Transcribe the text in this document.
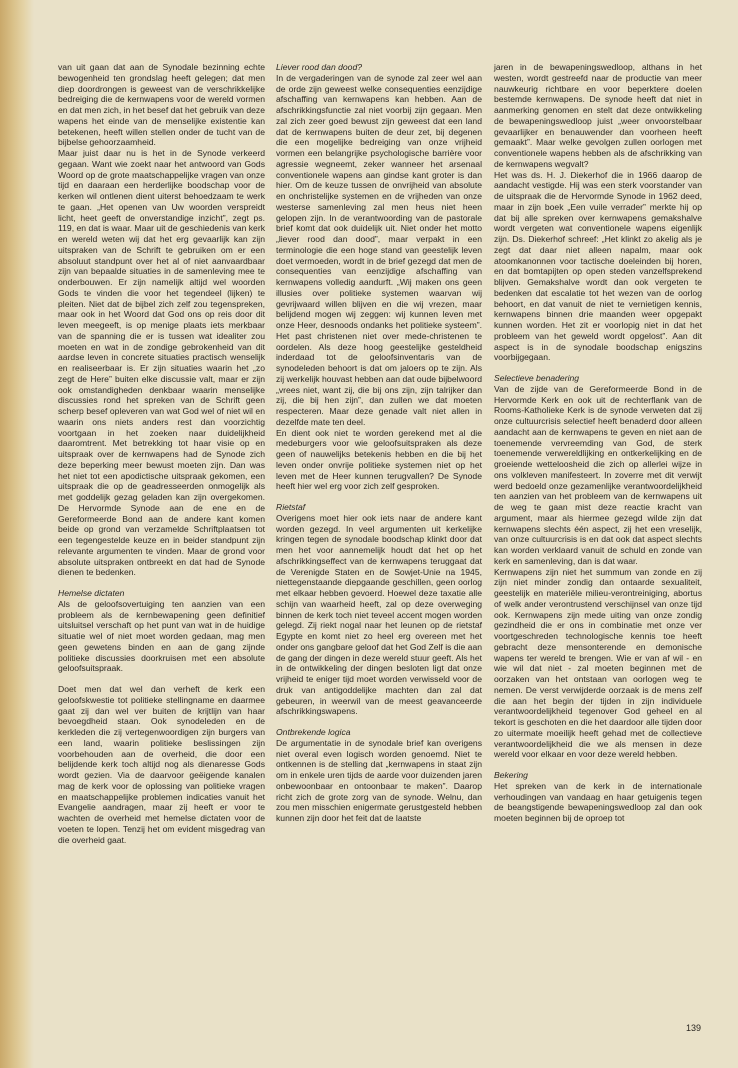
van uit gaan dat aan de Synodale bezinning echte bewogenheid ten grondslag heeft gelegen; dat men diep doordrongen is geweest van de verschrikkelijke bedreiging die de kernwapens voor de wereld vormen en dat men zich, in het besef dat het gebruik van deze wapens het einde van de menselijke existentie kan betekenen, heeft willen stellen onder de tucht van de bijbelse gehoorzaamheid.

Maar juist daar nu is het in de Synode verkeerd gegaan. Want wie zoekt naar het antwoord van Gods Woord op de grote maatschappelijke vragen van onze tijd en daaraan een herderlijke boodschap voor de kerken wil ontlenen dient uiterst behoedzaam te werk te gaan. „Het openen van Uw woorden verspreidt licht, heet geeft de onverstandige inzicht”, zegt ps. 119, en dat is waar. Maar uit de geschiedenis van kerk en wereld weten wij dat het erg gevaarlijk kan zijn uitspraken van de Schrift te gebruiken om er een absoluut standpunt over het al of niet aanvaardbaar zijn van bepaalde situaties in de samenleving mee te onderbouwen. Er zijn namelijk altijd wel woorden Gods te vinden die voor het tegendeel (lijken) te pleiten. Niet dat de bijbel zich zelf zou tegenspreken, maar ook in het Woord dat God ons op reis door dit leven meegeeft, is op menige plaats iets merkbaar van de spanning die er is tussen wat idealiter zou moeten en wat in de zondige gebrokenheid van dit aardse leven in concrete situaties practisch wenselijk en realiseerbaar is. Er zijn situaties waarin het „zo zegt de Here” buiten elke discussie valt, maar er zijn ook omstandigheden denkbaar waarin menselijke discussies rond het spreken van de Schrift geen scherp besef opleveren van wat God wel of niet wil en waarin ons niets anders rest dan voorzichtig voortgaan in het zoeken naar duidelijkheid daaromtrent. Met betrekking tot haar visie op en uitspraak over de kernwapens had de Synode zich deze beperking meer bewust moeten zijn. Dan was het niet tot een apodictische uitspraak gekomen, een uitspraak die op de geadresseerden onmogelijk als met goddelijk gezag geladen kan zijn overgekomen. De Hervormde Synode aan de ene en de Gereformeerde Bond aan de andere kant komen beide op grond van verzamelde Schriftplaatsen tot een tegengestelde keuze en in beider standpunt zijn relevante argumenten te vinden. Maar de grond voor absolute uitspraken ontbreekt en dat had de Synode dienen te bedenken.

Hemelse dictaten

Als de geloofsovertuiging ten aanzien van een probleem als de kernbewapening geen definitief uitsluitsel verschaft op het punt van wat in de huidige situatie wel of niet moet worden gedaan, mag men geen gewetens binden en aan de gang zijnde politieke discussies doorkruisen met een absolute geloofsuitspraak.

Doet men dat wel dan verheft de kerk een geloofskwestie tot politieke stellingname en daarmee gaat zij dan wel ver buiten de krijtlijn van haar bevoegdheid staan. Ook synodeleden en de kerkleden die zij vertegenwoordigen zijn burgers van een land, waarin politieke beslissingen zijn voorbehouden aan de overheid, die door een belijdende kerk toch altijd nog als dienaresse Gods wordt gezien. Via de daarvoor geëigende kanalen mag de kerk voor de oplossing van politieke vragen en maatschappelijke problemen indicaties vanuit het Evangelie aandragen, maar zij heeft er voor te wachten de overheid met hemelse dictaten voor de voeten te lopen. Tenzij het om evident misgedrag van die overheid gaat.

Liever rood dan dood?

In de vergaderingen van de synode zal zeer wel aan de orde zijn geweest welke consequenties eenzijdige afschaffing van kernwapens kan hebben. Aan de afschrikkingsfunctie zal niet voorbij zijn gegaan. Men zal zich zeer goed bewust zijn geweest dat een land dat de kernwapens buiten de deur zet, bij degenen die een mogelijke bedreiging van onze vrijheid vormen een belangrijke psychologische barrière voor agressie wegneemt, zeker wanneer het arsenaal conventionele wapens aan gindse kant groter is dan hier. Om de keuze tussen de onvrijheid van absolute en onchristelijke systemen en de vrijheden van onze westerse samenleving zal men heus niet heen gelopen zijn. In de verantwoording van de pastorale brief komt dat ook duidelijk uit. Niet onder het motto „liever rood dan dood”, maar verpakt in een terminologie die een hoge stand van geestelijk leven doet vermoeden, wordt in de brief gezegd dat men de consequenties van eenzijdige afschaffing van kernwapens volledig aandurft. „Wij maken ons geen illusies over politieke systemen waarvan wij gevrijwaard willen blijven en die wij vrezen, maar belijdend mogen wij zeggen: wij kunnen leven met onze Heer, desnoods ondanks het politieke systeem”. Het past christenen niet over mede-christenen te oordelen. Als deze hoog geestelijke gesteldheid inderdaad tot de geloofsinventaris van de synodeleden behoort is dat om jaloers op te zijn. Als zij werkelijk houvast hebben aan dat oude bijbelwoord „vrees niet, want zij, die bij ons zijn, zijn talrijker dan zij, die bij hen zijn”, dan zullen we dat moeten respecteren. Maar deze genade valt niet allen in dezelfde mate ten deel.

En dient ook niet te worden gerekend met al die medeburgers voor wie geloofsuitspraken als deze geen of nauwelijks betekenis hebben en die bij het leven onder onvrije politieke systemen niet op het leven met de Heer kunnen terugvallen? De Synode heeft hier wel erg voor zich zelf gesproken.

Rietstaf

Overigens moet hier ook iets naar de andere kant worden gezegd. In veel argumenten uit kerkelijke kringen tegen de synodale boodschap klinkt door dat men het voor aannemelijk houdt dat het op het afschrikkingseffect van de kernwapens teruggaat dat de Verenigde Staten en de Sowjet-Unie na 1945, niettegenstaande diepgaande geschillen, geen oorlog met elkaar hebben gevoerd. Hoewel deze taxatie alle schijn van waarheid heeft, zal op deze overweging binnen de kerk toch niet teveel accent mogen worden gelegd. Zij riekt nogal naar het leunen op de rietstaf Egypte en komt niet zo heel erg overeen met het onder ons gangbare geloof dat het God Zelf is die aan de gang der dingen in deze wereld stuur geeft. Als het in de ontwikkeling der dingen besloten ligt dat onze vrijheid te eniger tijd moet worden verwisseld voor de druk van antigoddelijke machten dan zal dat gebeuren, in weerwil van de meest geavanceerde afschrikkingswapens.

Ontbrekende logica

De argumentatie in de synodale brief kan overigens niet overal even logisch worden genoemd. Niet te ontkennen is de stelling dat „kernwapens in staat zijn om in enkele uren tijds de aarde voor duizenden jaren onbewoonbaar en ontoonbaar te maken”. Daarop richt zich de grote zorg van de synode. Welnu, dan zou men misschien enigermate gerustgesteld hebben kunnen zijn door het feit dat de laatste

jaren in de bewapeningswedloop, althans in het westen, wordt gestreefd naar de productie van meer nauwkeurig richtbare en voor beperktere doelen bestemde kernwapens. De synode heeft dat niet in aanmerking genomen en stelt dat deze ontwikkeling de bewapeningswedloop juist „weer onvoorstelbaar gevaarlijker en benauwender dan voorheen heeft gemaakt”. Maar welke gevolgen zullen oorlogen met conventionele wapens hebben als de afschrikking van de kernwapens wegvalt?

Het was ds. H. J. Diekerhof die in 1966 daarop de aandacht vestigde. Hij was een sterk voorstander van de uitspraak die de Hervormde Synode in 1962 deed, maar in zijn boek „Een vuile verrader” merkte hij op dat bij alle spreken over kernwapens gemakshalve wordt vergeten wat conventionele wapens eigenlijk zijn. Ds. Diekerhof schreef: „Het klinkt zo akelig als je zegt dat daar niet alleen napalm, maar ook atoomkanonnen voor tactische doeleinden bij horen, en dat bomtapijten op open steden vanzelfsprekend blijven. Gemakshalve wordt dan ook vergeten te bedenken dat escalatie tot het wezen van de oorlog behoort, en dat vanuit de niet te vernietigen kennis, kernwapens binnen drie maanden weer opgepakt kunnen worden. Het zit er voorlopig niet in dat het probleem van het geweld wordt opgelost”. Aan dit aspect is in de synodale boodschap enigszins voorbijgegaan.

Selectieve benadering

Van de zijde van de Gereformeerde Bond in de Hervormde Kerk en ook uit de rechterflank van de Rooms-Katholieke Kerk is de synode verweten dat zij onze cultuurcrisis selectief heeft benaderd door alleen aandacht aan de kernwapens te geven en niet aan de toenemende vervreemding van God, de sterk toenemende verwereldlijking en ontkerkelijking en de groeiende wetteloosheid die zich op allerlei wijze in ons volkleven manifesteert. In zoverre met dit verwijt werd bedoeld onze gezamenlijke verantwoordelijkheid ten aanzien van het probleem van de kernwapens uit de weg te gaan mist deze reactie kracht van argument, maar als hiermee gezegd wilde zijn dat kernwapens slechts één aspect, zij het een vreselijk, van onze cultuurcrisis is en dat ook dat aspect slechts kan worden verklaard vanuit de schuld en zonde van kerk en samenleving, dan is dat waar.

Kernwapens zijn niet het summum van zonde en zij zijn niet minder zondig dan ontaarde sexualiteit, geestelijk en materiële milieu-verontreiniging, abortus of welk ander verontrustend verschijnsel van onze tijd ook. Kernwapens zijn mede uiting van onze zondig gezindheid die er ons in combinatie met onze ver voortgeschreden technologische kennis toe heeft gebracht deze mensonterende en demonische wapens ter wereld te brengen. Wie er van af wil - en wie wil dat niet - zal moeten beginnen met de oorzaken van het ontstaan van oorlogen weg te nemen. De verst verwijderde oorzaak is de mens zelf die aan het begin der tijden in zijn individuele verantwoordelijkheid tegenover God geheel en al tekort is geschoten en die het daardoor alle tijden door zo uitermate moeilijk heeft gehad met de collectieve verantwoordelijkheid die we als mensen in deze wereld voor elkaar en voor deze wereld hebben.

Bekering

Het spreken van de kerk in de internationale verhoudingen van vandaag en haar getuigenis tegen de beangstigende bewapeningswedloop zal dan ook moeten beginnen bij de oproep tot

139
